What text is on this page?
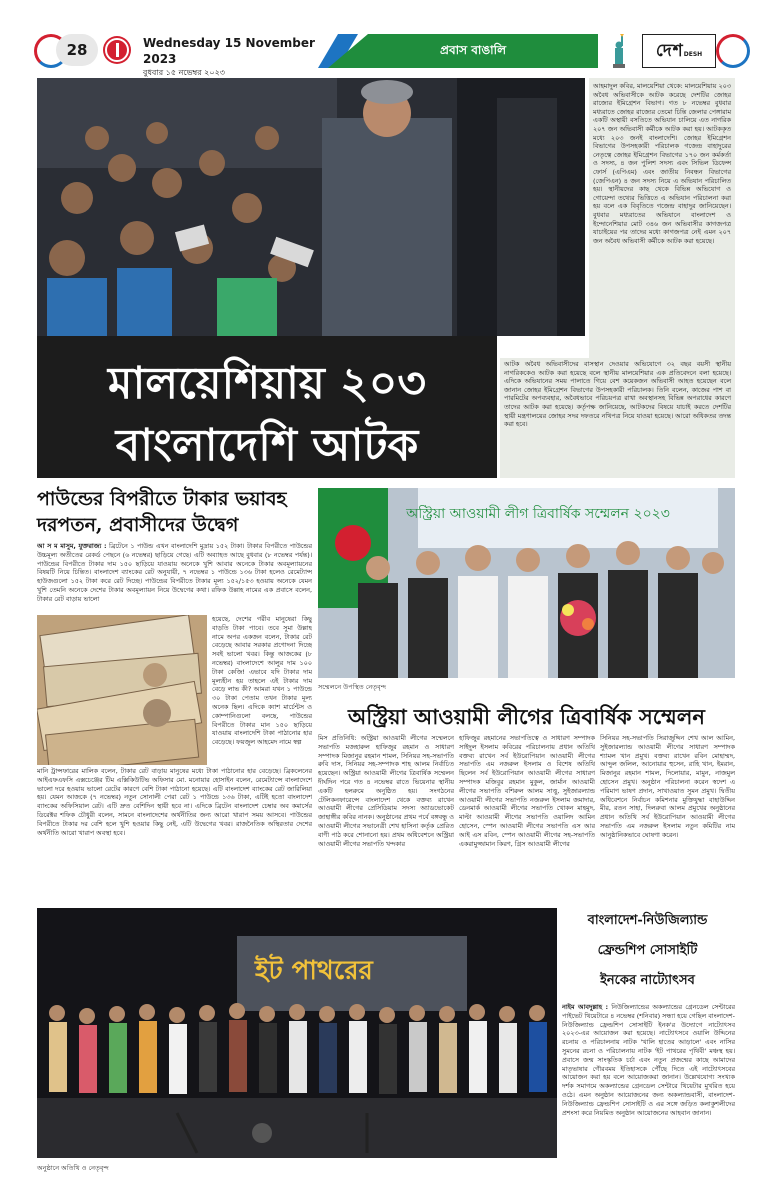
28	Wednesday 15 November 2023
বুধবার ১৫ নভেম্বর ২০২৩
প্রবাস বাঙালি	দেশDESH
আহমাদুল কবির, মালয়েশিয়া থেকে: মালয়েশিয়ায় ২০৩ অবৈধ অভিবাসীকে আটক করেছে দেশটির জোহর রাজ্যের ইমিগ্রেশন বিভাগ। গত ৮ নভেম্বর বুধবার মধ্যরাতে জোহর রাজ্যের তেমো চিন্তি জেলার পেঙ্গারাম একটি অস্থায়ী বসতিতে অভিযান চালিয়ে এত নাগরিক ২০৭ জন অভিবাসী কর্মীকে আটক করা হয়। আটককৃত মধ্যে ২০৩ জনই বাংলাদেশি। জোহর ইমিগ্রেশন বিভাগের উপসহকারী পরিচালক গজেন্দ্র বাহাদুরের নেতৃত্বে জোহর ইমিগ্রেশন বিভাগের ১৭০ জন কর্মকর্তা ও সদস্য, ৪ জন পুলিশ সদস্য এবং সিভিল ডিফেন্স ফোর্স (এপিএম) এবং জাতীয় নিবন্ধন বিভাগের (জেপিএন) ৪ জন সদস্য নিয়ে এ অভিযান পরিচালিত হয়। স্থানীয়দের কাছ থেকে বিভিন্ন অভিযোগ ও গোয়েন্দা তথ্যের ভিত্তিতে এ অভিযান পরিচালনা করা হয় বলে এক বিবৃতিতে গজেন্দ্র বাহাদুর জানিয়েছেন। বুধবার মধ্যরাতের অভিযানে বাংলাদেশ ও ইন্দোনেশিয়ার মোট ৩৪৬ জন অভিবাসীর কাগজপত্র যাচাইয়ের পর তাদের মধ্যে কাগজপত্র নেই এমন ২০৭ জন অবৈধ অভিবাসী কর্মীকে আটক করা হয়েছে।
মালয়েশিয়ায় ২০৩
বাংলাদেশি আটক
আটক অবৈধ অভিবাসীদের বাসস্থান দেওয়ার অভিযোগে ৩২ বছর বয়সী স্থানীয় নাগরিককেও আটক করা হয়েছে বলে স্থানীয় মালয়েশিয়ার এক প্রতিবেদনে বলা হয়েছে। এদিকে অভিযানের সময় পালাতে গিয়ে বেশ কয়েকজন অভিবাসী আহত হয়েছেন বলে জানান জোহর ইমিগ্রেশন বিভাগের উপসহকারী পরিচালক। তিনি বলেন, কাজের পাশ বা পারমিটের অপব্যবহার, অবৈধভাবে পরিচয়পত্র রাখা অবস্থানসহ বিভিন্ন অপরাধের কারণে তাদের আটক করা হয়েছে। কর্তৃপক্ষ জানিয়েছে, আটকদের বিষয়ে যাচাই করতে দেশটির স্থায়ী মন্ত্রণালয়ের জোহর সদর দফতরে নথিপত্র নিয়ে যাওয়া হয়েছে। আরো অধিকতর তদন্ত করা হবে।
পাউন্ডের বিপরীতে টাকার ভয়াবহ দরপতন, প্রবাসীদের উদ্বেগ
আ স ম মাসুম, যুক্তরাজ্য : ব্রিটেনে ১ পাউন্ড এখন বাংলাদেশি মুদ্রায় ১৫২ টাকা। টাকার বিপরীতে পাউন্ডের উচ্চমূল্য অতীতের রেকর্ড পেছনে (৬ নভেম্বর) ছাড়িয়ে গেছে। এটি অব্যাহত আছে বুধবার (৮ নভেম্বর পর্যন্ত)। পাউন্ডের বিপরীতে টাকার দাম ১৫০ ছাড়িয়ে যাওয়ায় অনেকে খুশি আবার অনেকে টাকার অবমূল্যায়নের বিষয়টি নিয়ে চিন্তিত। বাংলাদেশ ব্যাংকের রেট অনুযায়ী, ৭ নভেম্বর ১ পাউন্ডে ১৩৬ টাকা হলেও রেমেট্যান্স হাউজগুলো ১৫২ টাকা করে রেট দিচ্ছে। পাউন্ডের বিপরীতে টাকার মূল্য ১৫২/১৫৩ হওয়ায় অনেকে যেমন খুশি তেমনি অনেকে দেশের টাকার অবমূল্যায়ন নিয়ে উদ্বেগের কথা। রফিক উল্লাহ নামের এক প্রবাসে বলেন, টাকার রেট বাড়ায় ভালো
হয়েছে, দেশের গরীব মানুষেরা কিছু বাড়তি টাকা পাবে। তবে সুমা উল্লাহ নামে অপর একজন বলেন, টাকার রেট বেড়েছে আবার সরকার প্রণোদনা দিচ্ছে সবই ভালো খবর। কিন্তু আজকের (৮ নভেম্বর) বাংলাদেশে আলুর দাম ১০০ টাকা কেজি! এভাবে যদি টাকার দাম মূল্যহীন হয় তাহলে এই টাকার দাম বেড়ে লাভ কী? আমরা যখন ১ পাউন্ডে ৩০ টাকা পেতাম তখন টাকার মূল্য অনেক ছিল। এদিকে ক্যাশ মার্চেন্টস ও কোম্পানিগুলো বলছে, পাউন্ডের বিপরীতে টাকার মান ১৫০ ছাড়িয়ে যাওয়ায় বাংলাদেশি টাকা পাঠানোর হার বেড়েছে। ফয়জুল আহমেদ নামে স্বল্প
মানি ট্রান্সফারের মালিক বলেন, টাকার রেট বাড়ায় মানুষের মধ্যে টাকা পাঠানোর হার বেড়েছে। ব্রিকলেনের আইএফএফসি এক্সচেঞ্জের টিম এক্সিকিউটিভ অফিসার মো. মনোয়ার হোসাইন বলেন, রেমেট্যান্সে বাংলাদেশে ভালো দরে হওয়ায় ভালো রেটের কারণে বেশি টাকা পাঠানো হয়েছে। এটি বাংলাদেশ ব্যাংকের রেট জারিলিয়া হয়। যেমন আজকে (৭ নভেম্বর) নতুন সোনালী পেরা রেট ১ পাউন্ডে ১৩৬ টাকা, এটিই হতো বাংলাদেশ ব্যাংকের অফিসিয়াল রেট। এটি দ্রুত বেশিদিন স্থায়ী হবে না। এদিকে ব্রিটেন বাংলাদেশ চেম্বার অব কমার্সের ডিরেক্টর শফিক চৌধুরী বলেন, সামনে বাংলাদেশের অর্থনীতির জন্য আরো খারাপ সময় আসবে। পাউন্ডের বিপরীতে টাকার দর বেশি হলে খুশি হওয়ার কিছু নেই, এটি উদ্বেগের খবর। রাজনৈতিক অস্থিরতার দেশের অর্থনীতি আরো খারাপ অবস্থা হবে।
অস্ট্রিয়া আওয়ামী লীগ ত্রিবার্ষিক সম্মেলন ২০২৩
সম্মেলনে উপস্থিত নেতৃবৃন্দ
অস্ট্রিয়া আওয়ামী লীগের ত্রিবার্ষিক সম্মেলন
মিস প্রতিনিধি: অস্ট্রিয়া আওয়ামী লীগের সম্মেলনে সভাপতি মজহারুল হাফিজুর রহমান ও সাধারণ সম্পাদক মিজানুর রহমান শামল, সিনিয়র সহ-সভাপতি রুবি দাস, সিনিয়র সহ-সম্পাদক শাহ আলম নির্বাচিত হয়েছেন। অস্ট্রিয়া আওয়ামী লীগের ত্রিবার্ষিক সম্মেলন দীর্ঘদিন পরে গত ৪ নভেম্বর রাতে ভিয়েনার স্থানীয় একটি হলরুমে অনুষ্ঠিত হয়। সংগঠনের টেলিকনফারেন্সে বাংলাদেশ থেকে বক্তব্য রাখেন আওয়ামী লীগের প্রেসিডিয়াম সদস্য অ্যাডভোকেট জাহাঙ্গীর কবির নানক। অনুষ্ঠানের প্রথম পর্বে বঙ্গবন্ধু ও আওয়ামী লীগের সভানেত্রী শেখ হাসিনা কর্তৃক প্রেরিত বাণী পাঠ করে শোনানো হয়। প্রথম অধিবেশনে অস্ট্রিয়া আওয়ামী লীগের সভাপতি খন্দকার
হাফিজুর রহমানের সভাপতিত্বে ও সাধারণ সম্পাদক সাইদুল ইসলাম কবিরের পরিচালনায় প্রধান অতিথি বক্তব্য রাখেন সর্ব ইউরোপিয়ান আওয়ামী লীগের সভাপতি এম নজরুল ইসলাম ও বিশেষ অতিথি ছিলেন সর্ব ইউরোপিয়ান আওয়ামী লীগের সাধারণ সম্পাদক মজিবুর রহমান মুকুল, জার্মান আওয়ামী লীগের সভাপতি বশিরুল আলম সাত্তু, সুইজারল্যান্ড আওয়ামী লীগের সভাপতি নজরুল ইসলাম জমাদার, ডেনমার্ক আওয়ামী লীগের সভাপতি খোকন মাহমুদ, মাল্টা আওয়ামী লীগের সভাপতি ওয়ালিদ আমিন হোসেন, স্পেন আওয়ামী লীগের সভাপতি এস আর আই এস রবিন, স্পেন আওয়ামী লীগের সহ-সভাপতি একরামুজ্জামান কিরণ, গ্রিস আওয়ামী লীগের
সিনিয়র সহ-সভাপতি সিরাজুদ্দিন শেখ আল আমিন, সুইজারল্যান্ড আওয়ামী লীগের সাধারণ সম্পাদক শ্যামল খান প্রমুখ। বক্তব্য রাখেন রবিন মোহাম্মদ, আব্দুল জলিল, আনোয়ার হুসেন, রাহি খান, ইমরান, মিজানুর রহমান শামল, দিলোয়ার, মামুন, নাজমুল হোসেন প্রমুখ। অনুষ্ঠান পরিচালনা করেন স্বদেশ এ পরিমাণ ভাষণ প্রদান, সাখাওয়াত সুমন প্রমুখ। দ্বিতীয় অধিবেশনে নির্বাচন কমিশনার মুক্তিযুদ্ধা বাহাউদ্দিন মীর, রতন সাহা, দিলরুবা আলম প্রমুখের অনুষ্ঠানের প্রধান অতিথি সর্ব ইউরোপিয়ান আওয়ামী লীগের সভাপতি এম নজরুল ইসলাম নতুন কমিটির নাম আনুষ্ঠানিকভাবে ঘোষণা করেন।
ইট পাথরের
অনুষ্ঠানে অতিথি ও নেতৃবৃন্দ
বাংলাদেশ-নিউজিল্যান্ড
ফ্রেন্ডশিপ সোসাইটি
ইনকের নাট্যোৎসব
নাইম আবদুল্লাহ : নিউজিল্যান্ডের অকল্যান্ডের গ্রেনডেল সেন্টারের পাইভেট থিয়েটারে ৪ নভেম্বর (শনিবার) সন্ধ্যা হয়ে গেছিল বাংলাদেশ-নিউজিল্যান্ড ফ্রেন্ডশিপ সোসাইটি ইনক'র উদ্যোগে নাট্যোৎসব ২০২৩-এর আয়োজন করা হয়েছে। নাট্যোৎসবে ওয়ালি উদ্দিনের রচনায় ও পরিচালনায় নাটক 'খালি হাতের আড়ালে' এবং নাসির সুমনের রচনা ও পরিচালনায় নাটক 'ইট পাথরের পৃথিবী' মঞ্চস্থ হয়। প্রবাসে জন্ম সাংস্কৃতিক চর্চা এবং নতুন প্রজন্মের কাছে আমাদের মাতৃভাষার গৌরবময় ইতিহাসকে পৌঁছে দিতে এই নাট্যোৎসবের আয়োজন করা হয় বলে আয়োজকরা জানান। উল্লেখযোগ্য সংখ্যক দর্শক সমাগমে অকল্যান্ডের গ্রেনডেল সেন্টারে থিয়েটার মুখরিত হয়ে ওঠে। এমন অনুষ্ঠান আয়োজনের জন্য অকল্যান্ডবাসী, বাংলাদেশ-নিউজিল্যান্ড ফ্রেন্ডশিপ সোসাইটি ও এর সঙ্গে জড়িত কলাকুশলীদের প্রশংসা করে নিয়মিত অনুষ্ঠান আয়োজনের আহবান জানান।
